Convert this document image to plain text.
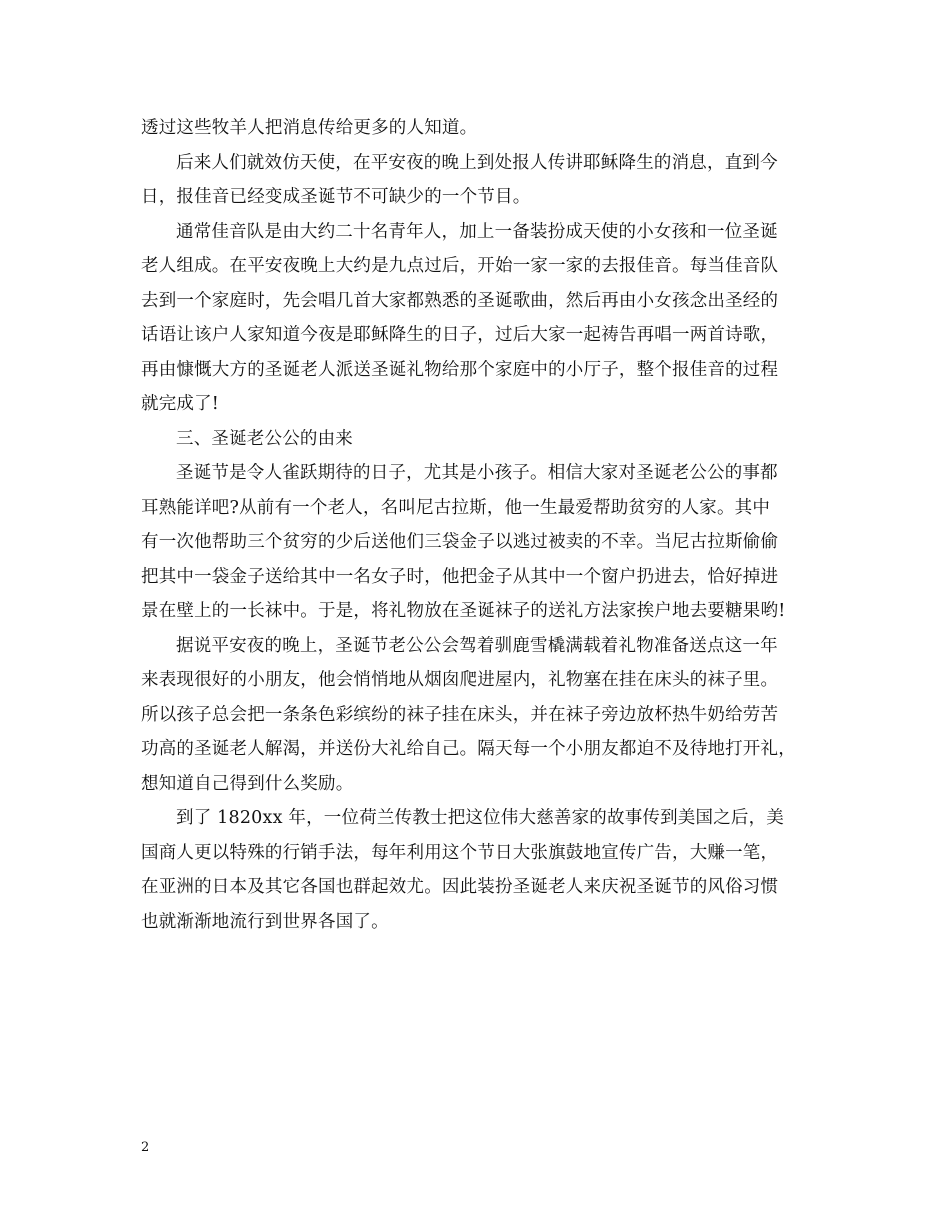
透过这些牧羊人把消息传给更多的人知道。
后来人们就效仿天使，在平安夜的晚上到处报人传讲耶稣降生的消息，直到今
日，报佳音已经变成圣诞节不可缺少的一个节目。
通常佳音队是由大约二十名青年人，加上一备装扮成天使的小女孩和一位圣诞
老人组成。在平安夜晚上大约是九点过后，开始一家一家的去报佳音。每当佳音队
去到一个家庭时，先会唱几首大家都熟悉的圣诞歌曲，然后再由小女孩念出圣经的
话语让该户人家知道今夜是耶稣降生的日子，过后大家一起祷告再唱一两首诗歌，
再由慷慨大方的圣诞老人派送圣诞礼物给那个家庭中的小厅子，整个报佳音的过程
就完成了!
三、圣诞老公公的由来
圣诞节是令人雀跃期待的日子，尤其是小孩子。相信大家对圣诞老公公的事都
耳熟能详吧?从前有一个老人，名叫尼古拉斯，他一生最爱帮助贫穷的人家。其中
有一次他帮助三个贫穷的少后送他们三袋金子以逃过被卖的不幸。当尼古拉斯偷偷
把其中一袋金子送给其中一名女子时，他把金子从其中一个窗户扔进去，恰好掉进
景在壁上的一长袜中。于是，将礼物放在圣诞袜子的送礼方法家挨户地去要糖果哟!
据说平安夜的晚上，圣诞节老公公会驾着驯鹿雪橇满载着礼物准备送点这一年
来表现很好的小朋友，他会悄悄地从烟囱爬进屋内，礼物塞在挂在床头的袜子里。
所以孩子总会把一条条色彩缤纷的袜子挂在床头，并在袜子旁边放杯热牛奶给劳苦
功高的圣诞老人解渴，并送份大礼给自己。隔天每一个小朋友都迫不及待地打开礼，
想知道自己得到什么奖励。
到了 1820xx 年，一位荷兰传教士把这位伟大慈善家的故事传到美国之后，美
国商人更以特殊的行销手法，每年利用这个节日大张旗鼓地宣传广告，大赚一笔，
在亚洲的日本及其它各国也群起效尤。因此装扮圣诞老人来庆祝圣诞节的风俗习惯
也就渐渐地流行到世界各国了。
2
